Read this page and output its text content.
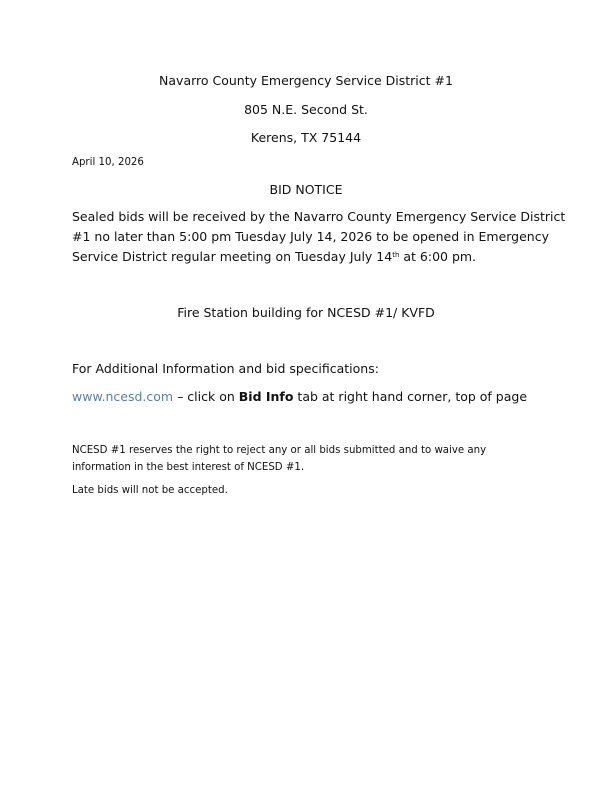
Navarro County Emergency Service District #1
805 N.E. Second St.
Kerens, TX 75144
April 10, 2026
BID NOTICE
Sealed bids will be received by the Navarro County Emergency Service District
#1 no later than 5:00 pm Tuesday July 14, 2026 to be opened in Emergency
Service District regular meeting on Tuesday July 14th at 6:00 pm.
Fire Station building for NCESD #1/ KVFD
For Additional Information and bid specifications:
www.ncesd.com – click on Bid Info tab at right hand corner, top of page
NCESD #1 reserves the right to reject any or all bids submitted and to waive any
information in the best interest of NCESD #1.
Late bids will not be accepted.
